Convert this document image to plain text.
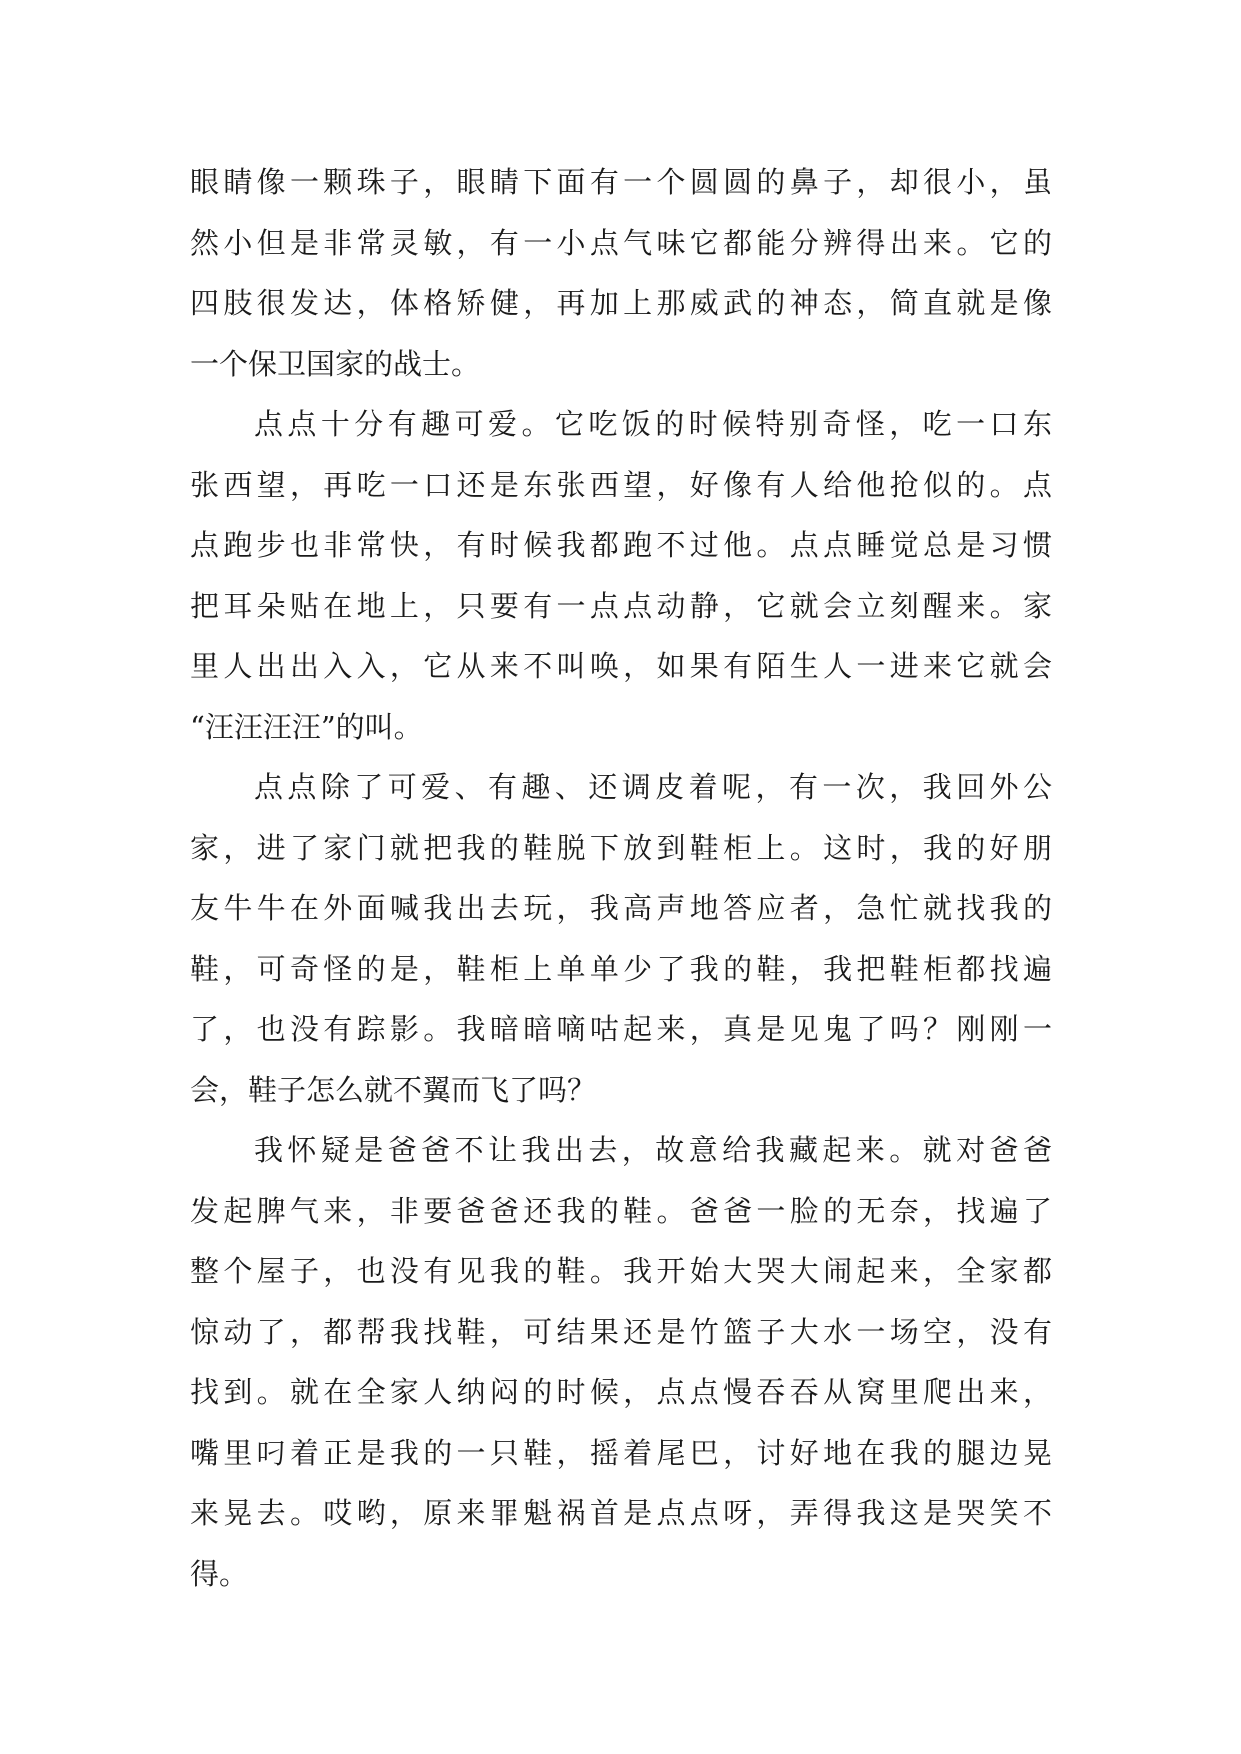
眼睛像一颗珠子，眼睛下面有一个圆圆的鼻子，却很小，虽
然小但是非常灵敏，有一小点气味它都能分辨得出来。它的
四肢很发达，体格矫健，再加上那威武的神态，简直就是像
一个保卫国家的战士。
点点十分有趣可爱。它吃饭的时候特别奇怪，吃一口东
张西望，再吃一口还是东张西望，好像有人给他抢似的。点
点跑步也非常快，有时候我都跑不过他。点点睡觉总是习惯
把耳朵贴在地上，只要有一点点动静，它就会立刻醒来。家
里人出出入入，它从来不叫唤，如果有陌生人一进来它就会
“汪汪汪汪”的叫。
点点除了可爱、有趣、还调皮着呢，有一次，我回外公
家，进了家门就把我的鞋脱下放到鞋柜上。这时，我的好朋
友牛牛在外面喊我出去玩，我高声地答应者，急忙就找我的
鞋，可奇怪的是，鞋柜上单单少了我的鞋，我把鞋柜都找遍
了，也没有踪影。我暗暗嘀咕起来，真是见鬼了吗？刚刚一
会，鞋子怎么就不翼而飞了吗？
我怀疑是爸爸不让我出去，故意给我藏起来。就对爸爸
发起脾气来，非要爸爸还我的鞋。爸爸一脸的无奈，找遍了
整个屋子，也没有见我的鞋。我开始大哭大闹起来，全家都
惊动了，都帮我找鞋，可结果还是竹篮子大水一场空，没有
找到。就在全家人纳闷的时候，点点慢吞吞从窝里爬出来，
嘴里叼着正是我的一只鞋，摇着尾巴，讨好地在我的腿边晃
来晃去。哎哟，原来罪魁祸首是点点呀，弄得我这是哭笑不
得。
